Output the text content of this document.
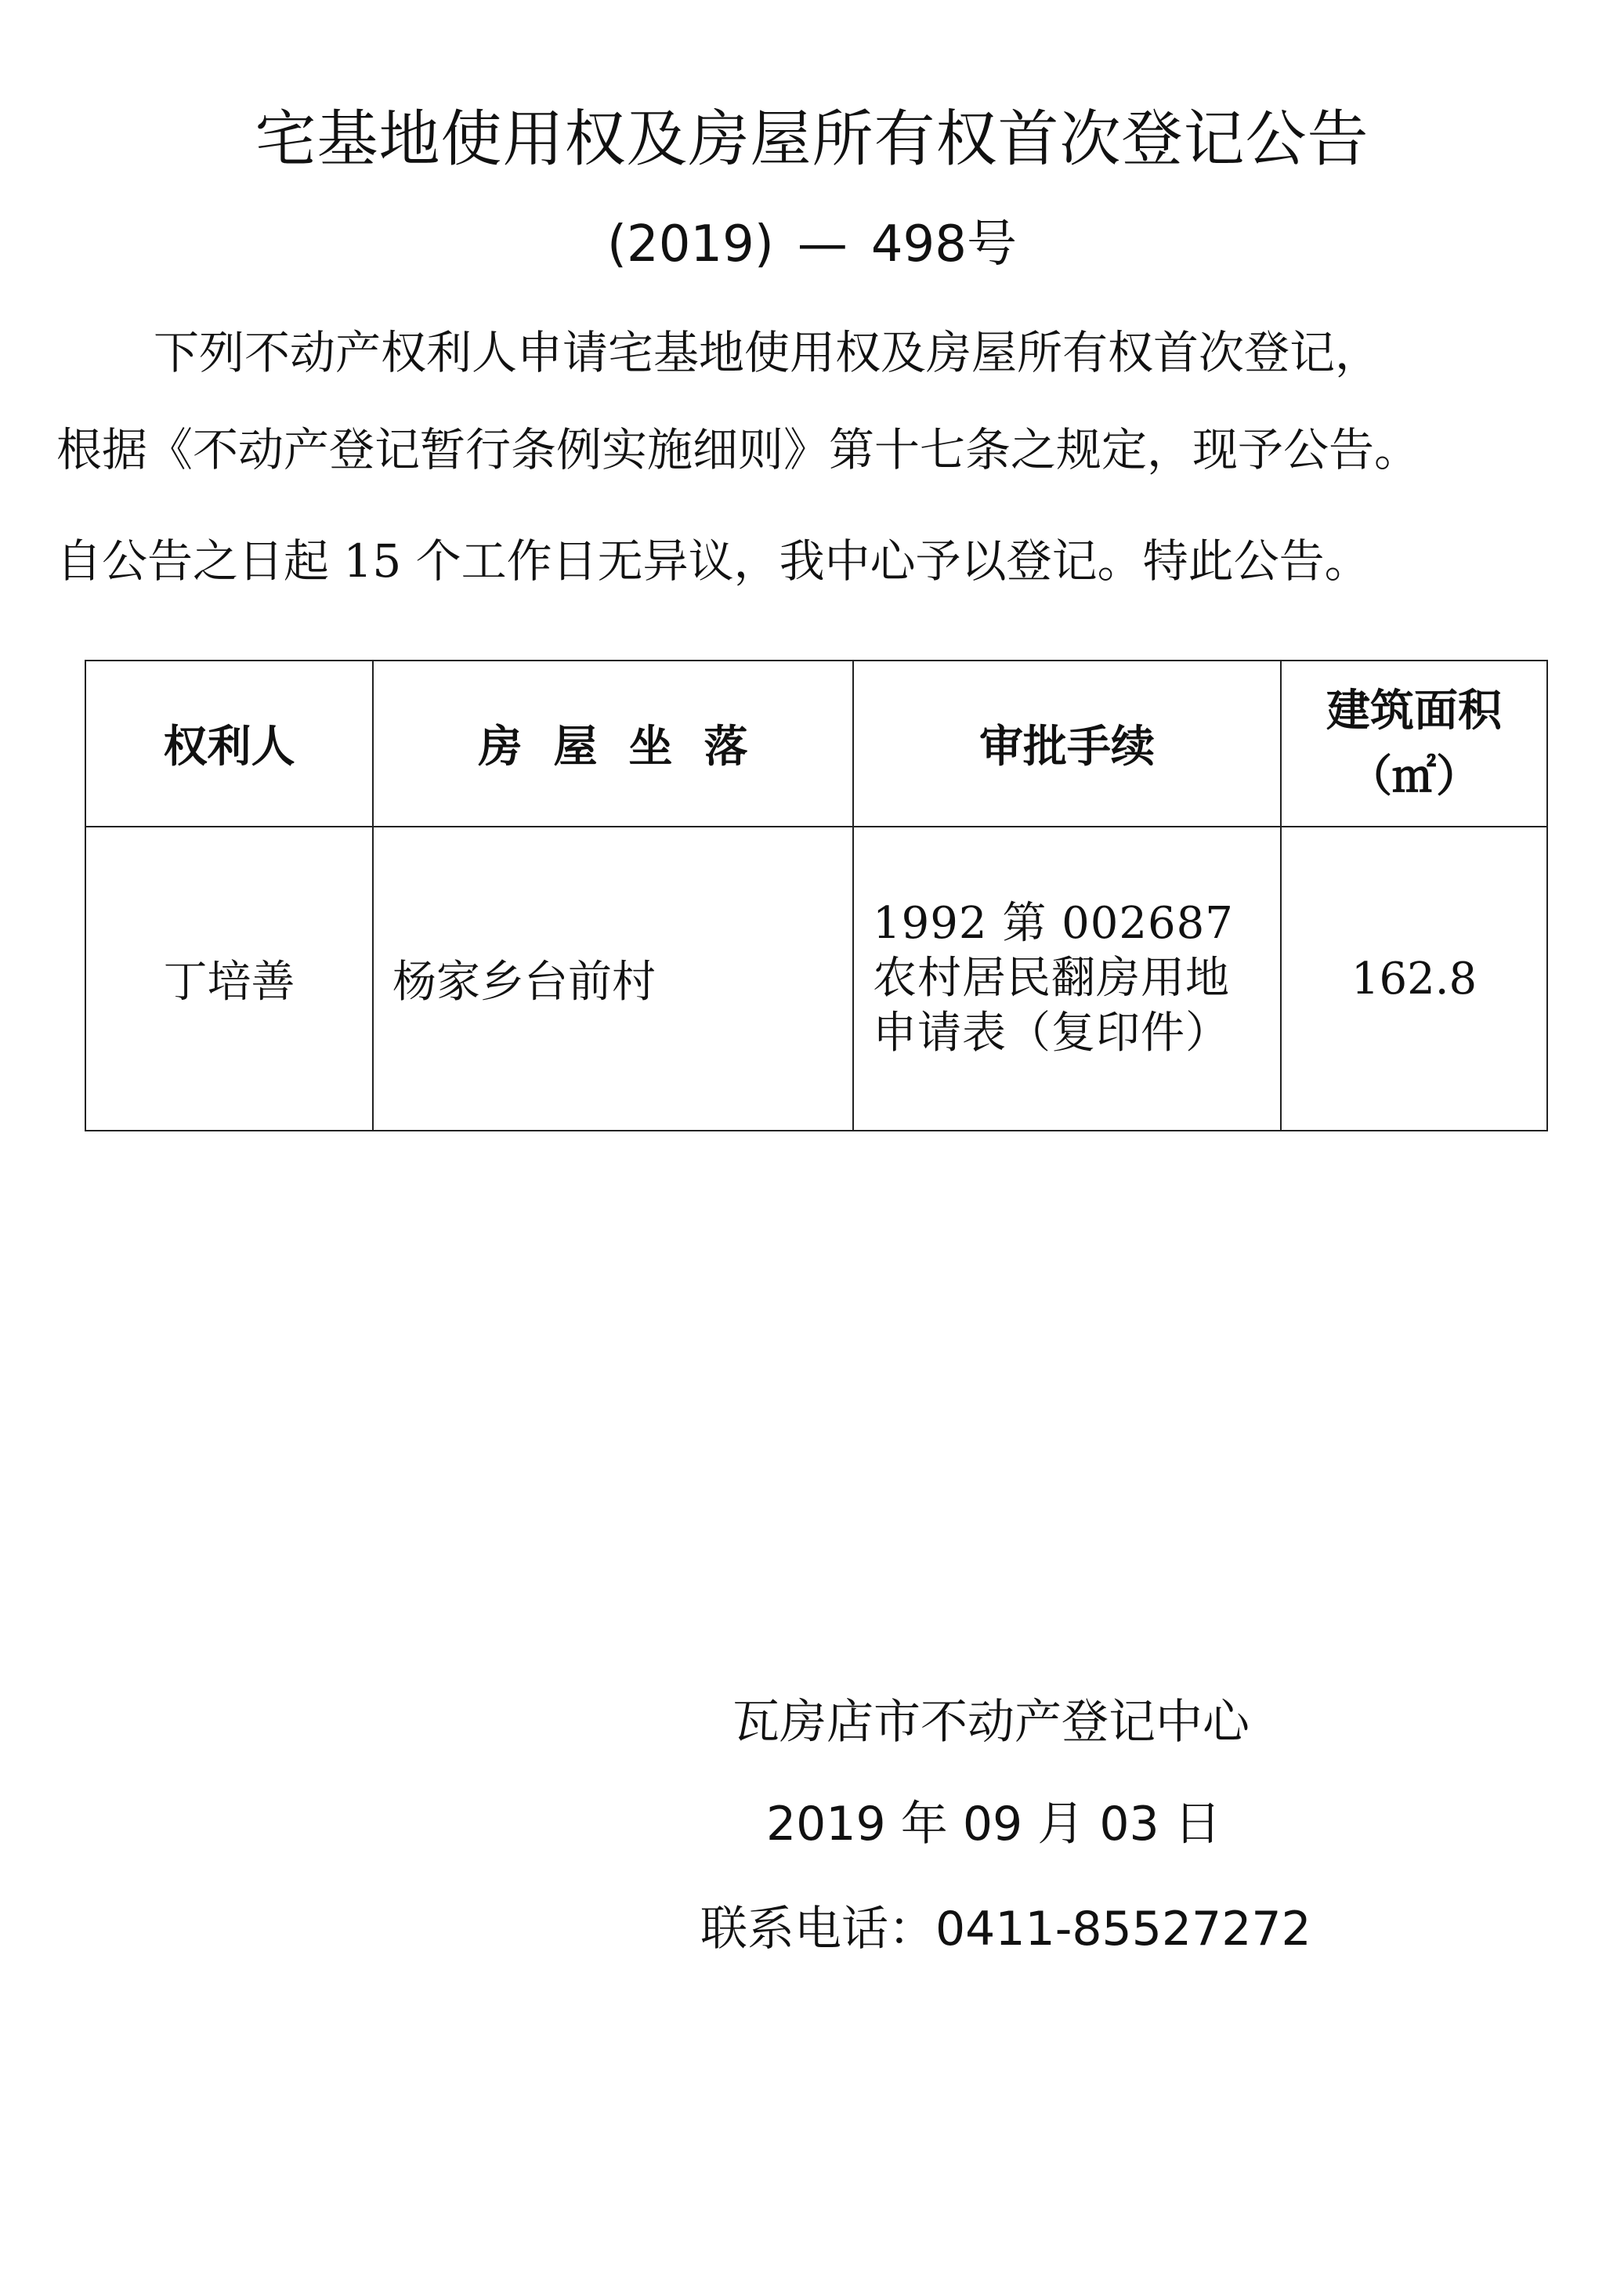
宅基地使用权及房屋所有权首次登记公告
(2019) — 498号
下列不动产权利人申请宅基地使用权及房屋所有权首次登记，
根据《不动产登记暂行条例实施细则》第十七条之规定，现予公告。
自公告之日起 15 个工作日无异议，我中心予以登记。特此公告。
权利人	房屋坐落	审批手续	建筑面积
（㎡）

丁培善	杨家乡台前村	1992 第 002687 农村居民翻房用地申请表（复印件）	162.8
瓦房店市不动产登记中心
2019 年 09 月 03 日
联系电话：0411-85527272
